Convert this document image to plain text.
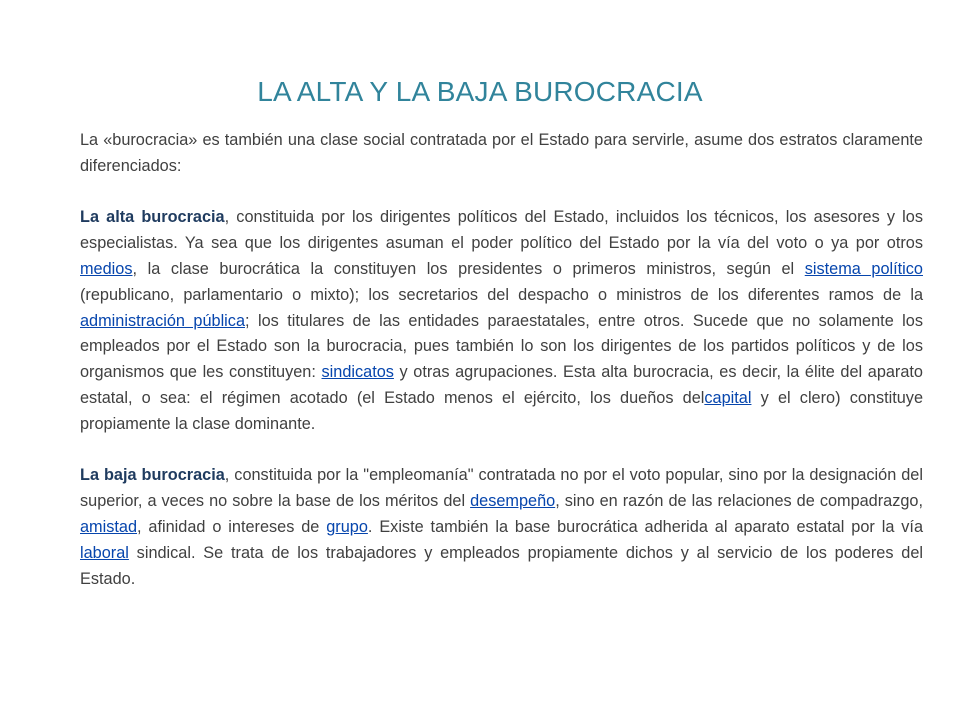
LA ALTA Y LA BAJA BUROCRACIA

La «burocracia» es también una clase social contratada por el Estado para servirle, asume dos estratos claramente diferenciados:

La alta burocracia, constituida por los dirigentes políticos del Estado, incluidos los técnicos, los asesores y los especialistas. Ya sea que los dirigentes asuman el poder político del Estado por la vía del voto o ya por otros medios, la clase burocrática la constituyen los presidentes o primeros ministros, según el sistema político (republicano, parlamentario o mixto); los secretarios del despacho o ministros de los diferentes ramos de la administración pública; los titulares de las entidades paraestatales, entre otros. Sucede que no solamente los empleados por el Estado son la burocracia, pues también lo son los dirigentes de los partidos políticos y de los organismos que les constituyen: sindicatos y otras agrupaciones. Esta alta burocracia, es decir, la élite del aparato estatal, o sea: el régimen acotado (el Estado menos el ejército, los dueños delcapital y el clero) constituye propiamente la clase dominante.

La baja burocracia, constituida por la "empleomanía" contratada no por el voto popular, sino por la designación del superior, a veces no sobre la base de los méritos del desempeño, sino en razón de las relaciones de compadrazgo, amistad, afinidad o intereses de grupo. Existe también la base burocrática adherida al aparato estatal por la vía laboral sindical. Se trata de los trabajadores y empleados propiamente dichos y al servicio de los poderes del Estado.
